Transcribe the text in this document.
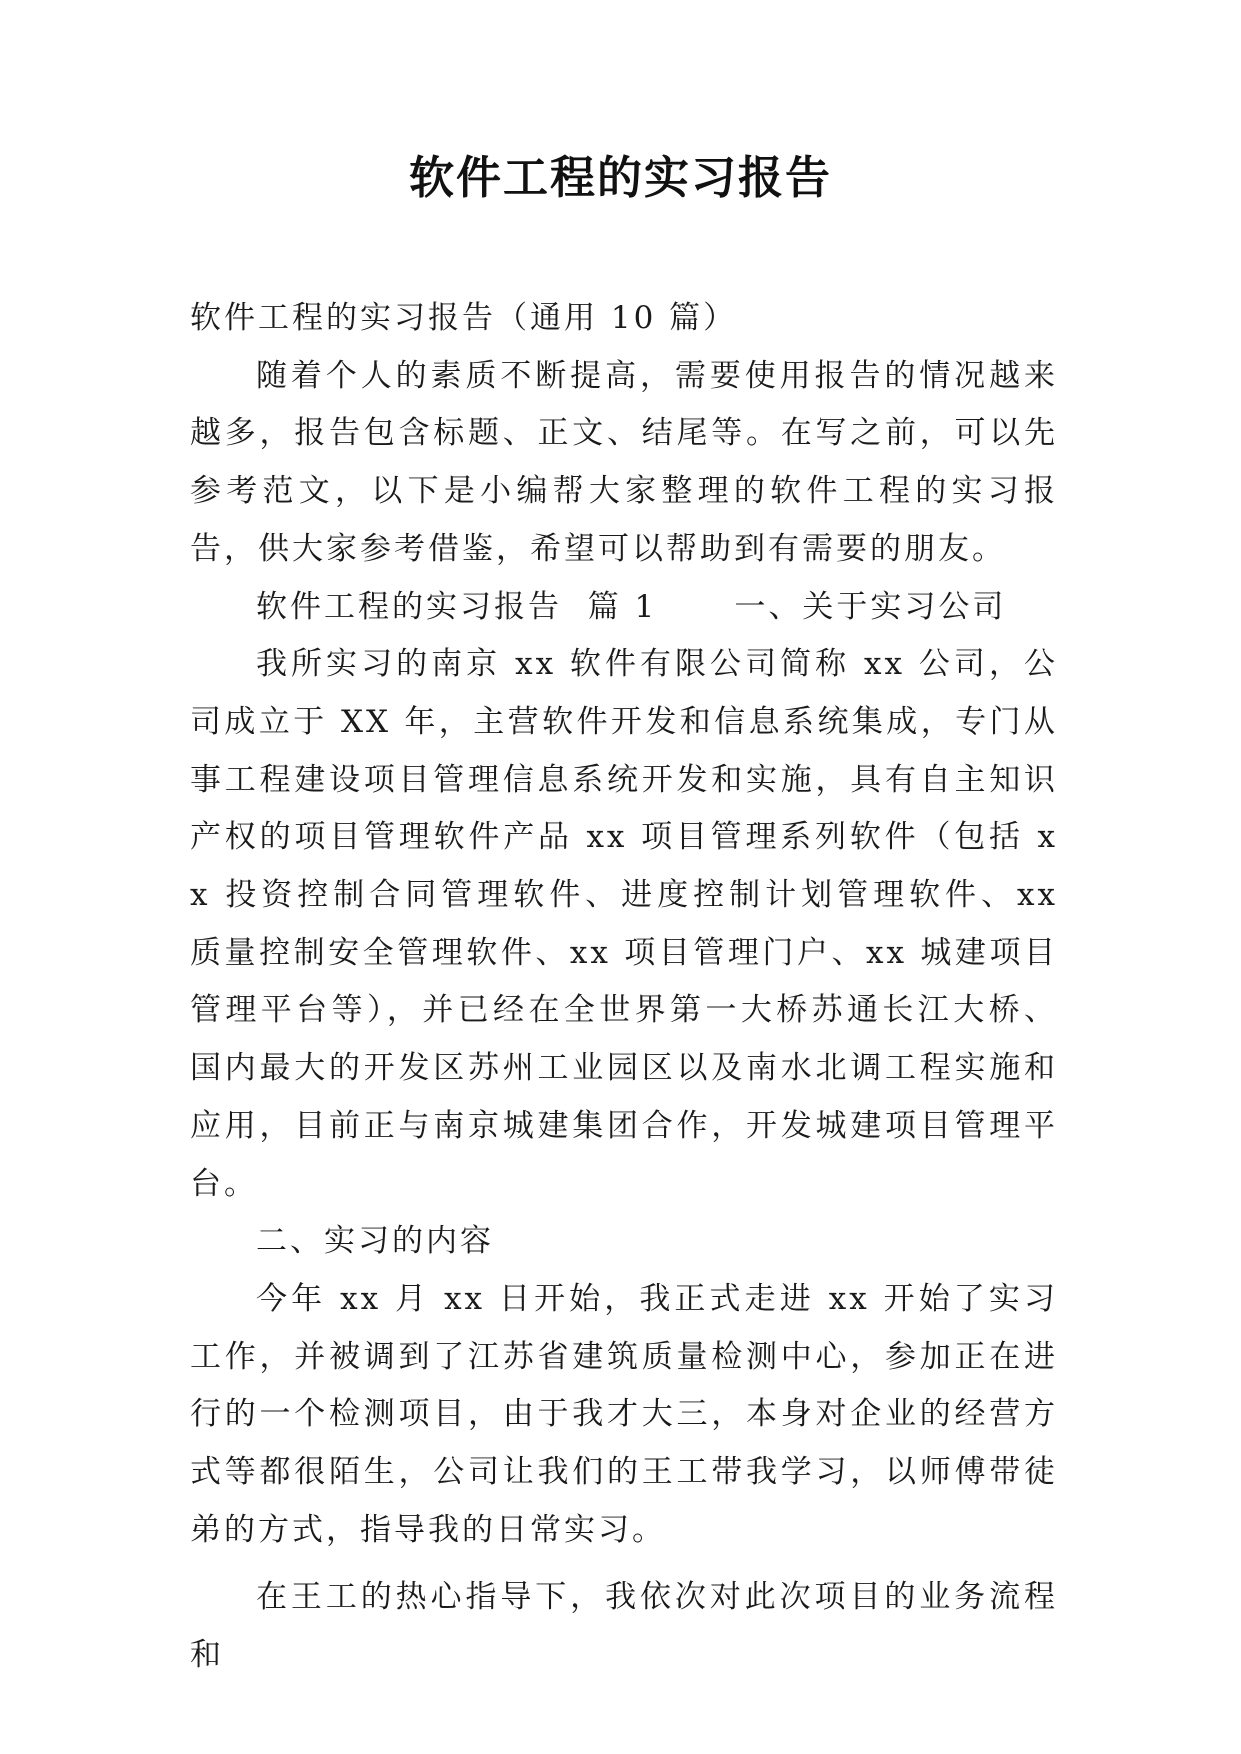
软件工程的实习报告

软件工程的实习报告（通用 10 篇）

随着个人的素质不断提高，需要使用报告的情况越来越多，报告包含标题、正文、结尾等。在写之前，可以先参考范文，以下是小编帮大家整理的软件工程的实习报告，供大家参考借鉴，希望可以帮助到有需要的朋友。

软件工程的实习报告  篇 1      一、关于实习公司

我所实习的南京 xx 软件有限公司简称 xx 公司，公司成立于 XX 年，主营软件开发和信息系统集成，专门从事工程建设项目管理信息系统开发和实施，具有自主知识产权的项目管理软件产品 xx 项目管理系列软件（包括 xx 投资控制合同管理软件、进度控制计划管理软件、xx 质量控制安全管理软件、xx 项目管理门户、xx 城建项目管理平台等），并已经在全世界第一大桥苏通长江大桥、国内最大的开发区苏州工业园区以及南水北调工程实施和应用，目前正与南京城建集团合作，开发城建项目管理平台。

二、实习的内容

今年 xx 月 xx 日开始，我正式走进 xx 开始了实习工作，并被调到了江苏省建筑质量检测中心，参加正在进行的一个检测项目，由于我才大三，本身对企业的经营方式等都很陌生，公司让我们的王工带我学习，以师傅带徒弟的方式，指导我的日常实习。

在王工的热心指导下，我依次对此次项目的业务流程和
